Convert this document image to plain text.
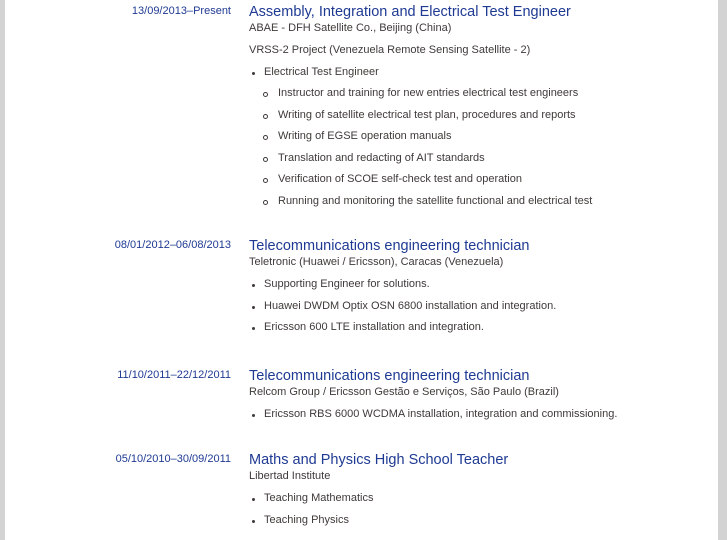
13/09/2013–Present Assembly, Integration and Electrical Test Engineer
ABAE - DFH Satellite Co., Beijing (China)
VRSS-2 Project (Venezuela Remote Sensing Satellite - 2)
Electrical Test Engineer
Instructor and training for new entries electrical test engineers
Writing of satellite electrical test plan, procedures and reports
Writing of EGSE operation manuals
Translation and redacting of AIT standards
Verification of SCOE self-check test and operation
Running and monitoring the satellite functional and electrical test
08/01/2012–06/08/2013 Telecommunications engineering technician
Teletronic (Huawei / Ericsson), Caracas (Venezuela)
Supporting Engineer for solutions.
Huawei DWDM Optix OSN 6800 installation and integration.
Ericsson 600 LTE installation and integration.
11/10/2011–22/12/2011 Telecommunications engineering technician
Relcom Group / Ericsson Gestão e Serviços, São Paulo (Brazil)
Ericsson RBS 6000 WCDMA installation, integration and commissioning.
05/10/2010–30/09/2011 Maths and Physics High School Teacher
Libertad Institute
Teaching Mathematics
Teaching Physics
